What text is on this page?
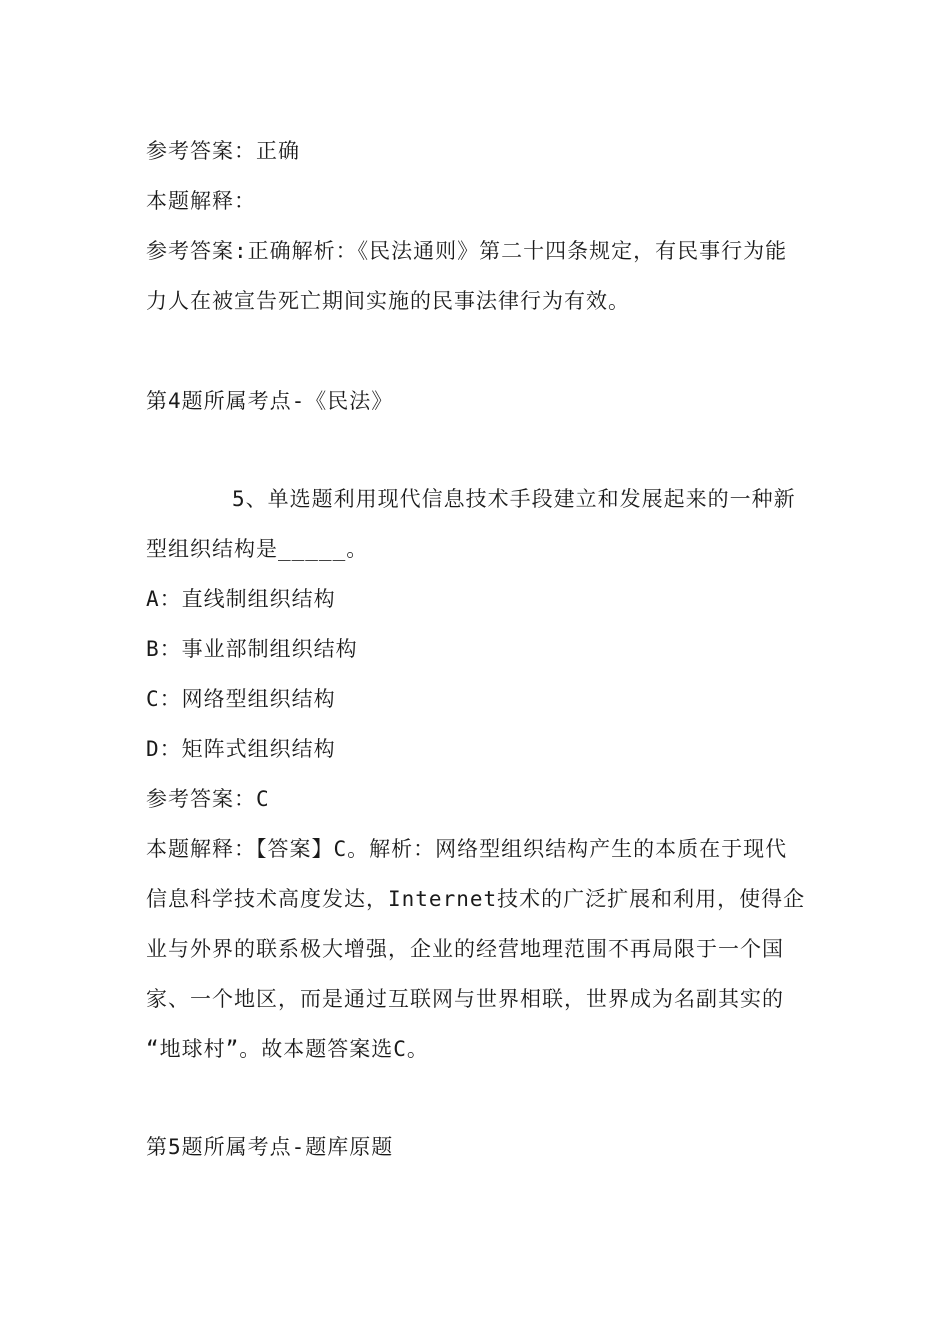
参考答案：正确
本题解释：
参考答案:正确解析：《民法通则》第二十四条规定，有民事行为能
力人在被宣告死亡期间实施的民事法律行为有效。
第4题所属考点-《民法》
5、单选题利用现代信息技术手段建立和发展起来的一种新
型组织结构是_____。
A：直线制组织结构
B：事业部制组织结构
C：网络型组织结构
D：矩阵式组织结构
参考答案：C
本题解释：【答案】C。解析：网络型组织结构产生的本质在于现代
信息科学技术高度发达，Internet技术的广泛扩展和利用，使得企
业与外界的联系极大增强，企业的经营地理范围不再局限于一个国
家、一个地区，而是通过互联网与世界相联，世界成为名副其实的
“地球村”。故本题答案选C。
第5题所属考点-题库原题
